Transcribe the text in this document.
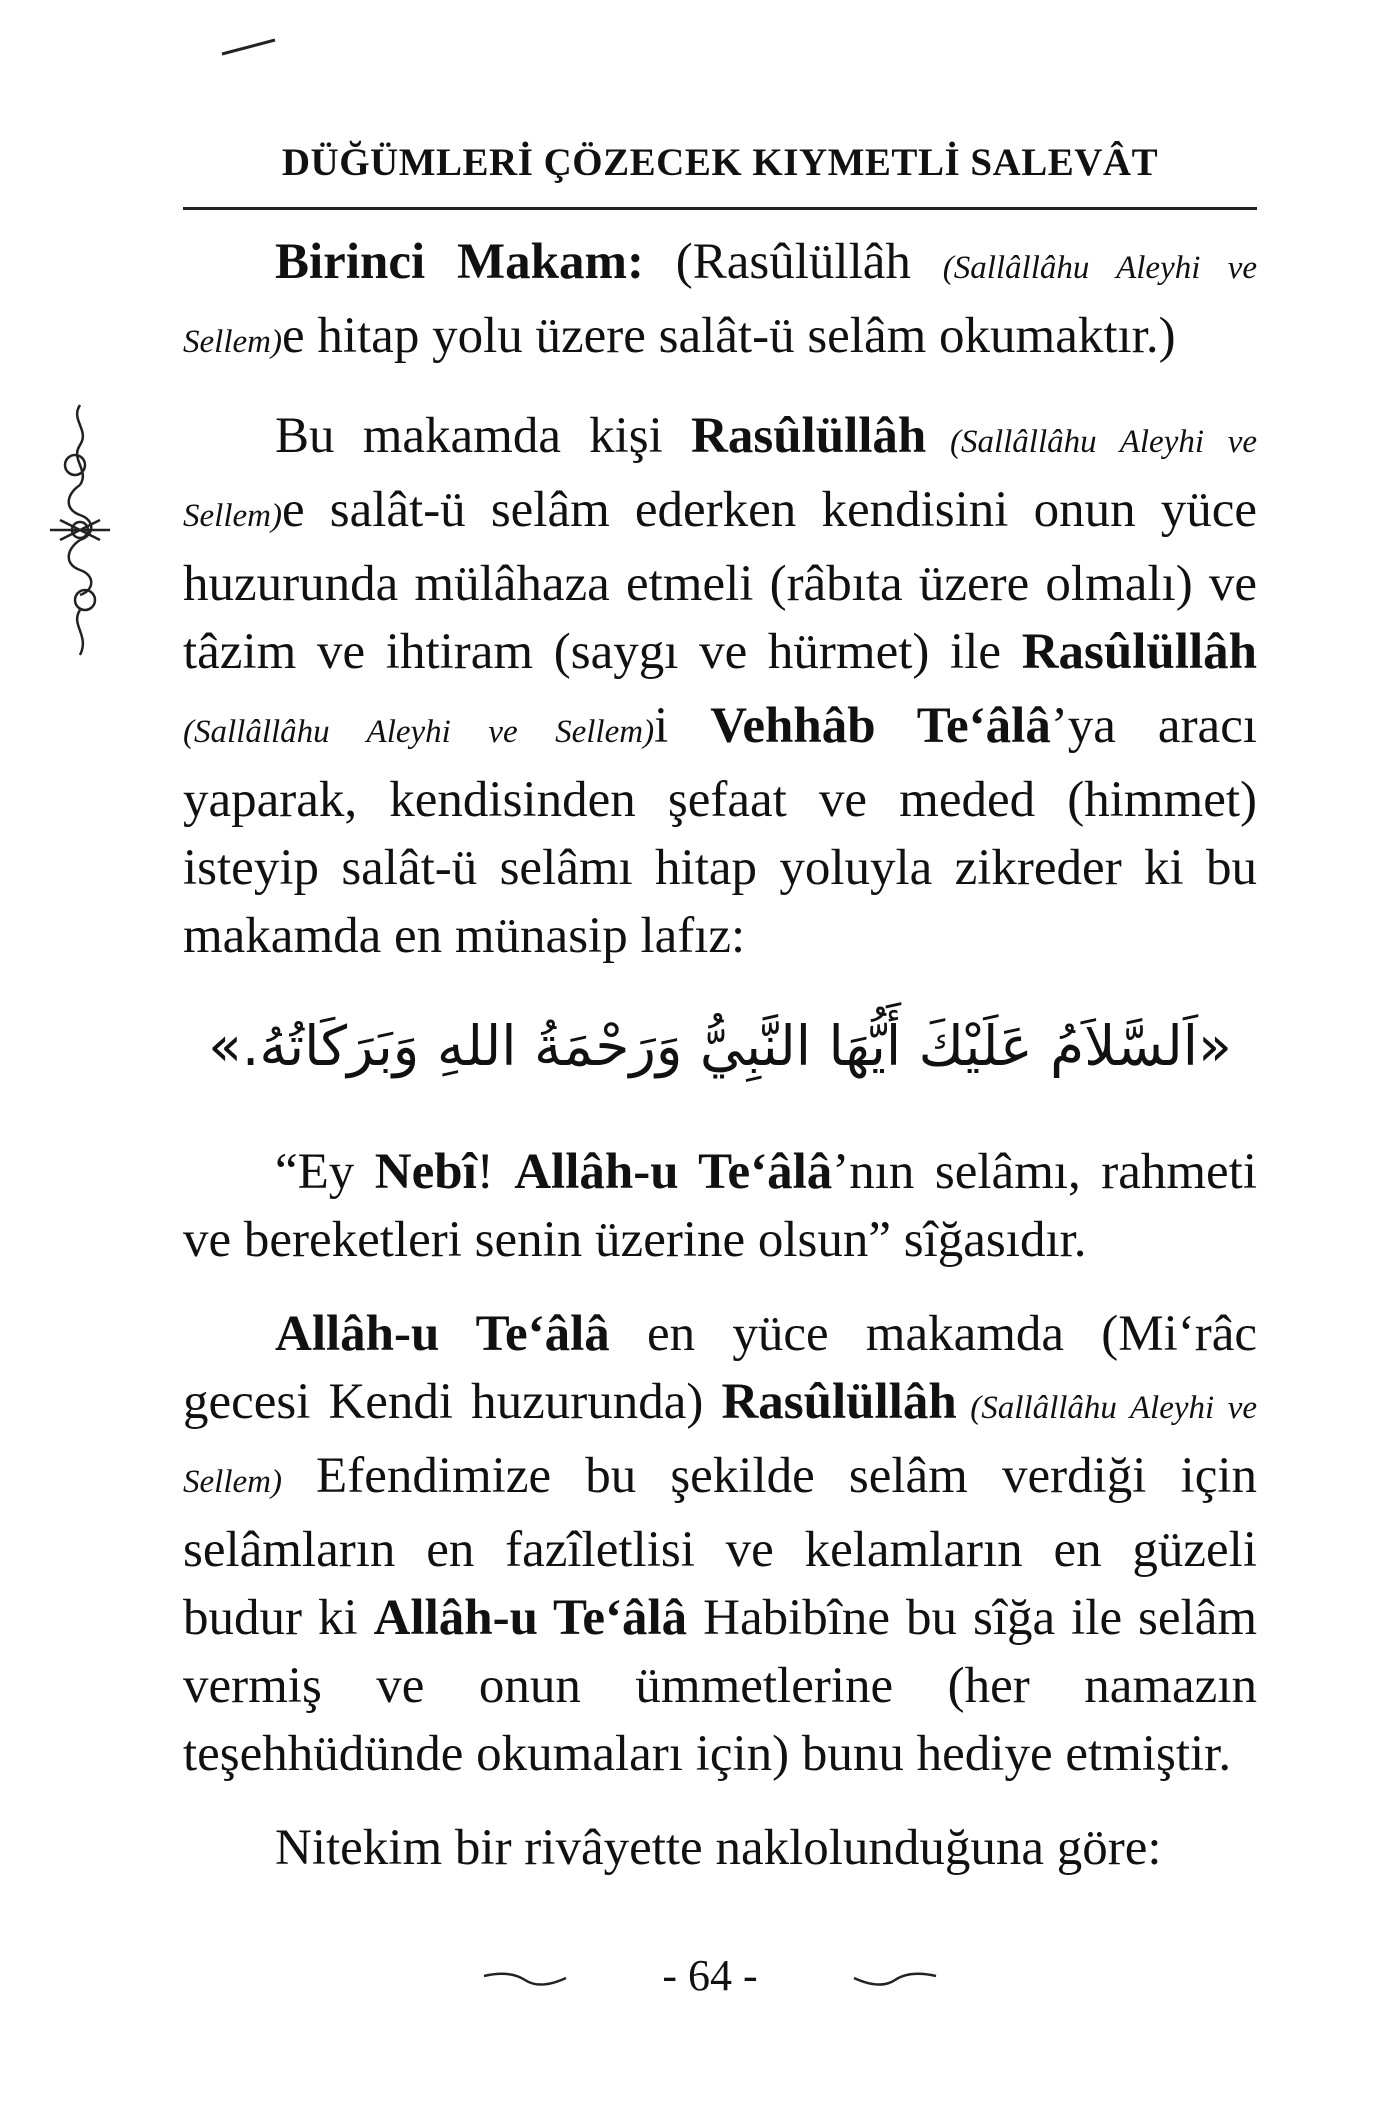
DÜĞÜMLERİ ÇÖZECEK KIYMETLİ SALEVÂT

Birinci Makam: (Rasûlüllâh (Sallâllâhu Aleyhi ve Sellem)e hitap yolu üzere salât-ü selâm okumaktır.)

Bu makamda kişi Rasûlüllâh (Sallâllâhu Aleyhi ve Sellem)e salât-ü selâm ederken kendisini onun yüce huzurunda mülâhaza etmeli (râbıta üzere olmalı) ve tâzim ve ihtiram (saygı ve hürmet) ile Rasûlüllâh (Sallâllâhu Aleyhi ve Sellem)i Vehhâb Te‘âlâ’ya aracı yaparak, kendisinden şefaat ve meded (himmet) isteyip salât-ü selâmı hitap yoluyla zikreder ki bu makamda en münasip lafız:

«اَلسَّلاَمُ عَلَيْكَ أَيُّهَا النَّبِيُّ وَرَحْمَةُ اللهِ وَبَرَكَاتُهُ.»

“Ey Nebî! Allâh-u Te‘âlâ’nın selâmı, rahmeti ve bereketleri senin üzerine olsun” sîğasıdır.

Allâh-u Te‘âlâ en yüce makamda (Mi‘râc gecesi Kendi huzurunda) Rasûlüllâh (Sallâllâhu Aleyhi ve Sellem) Efendimize bu şekilde selâm verdiği için selâmların en fazîletlisi ve kelamların en güzeli budur ki Allâh-u Te‘âlâ Habibîne bu sîğa ile selâm vermiş ve onun ümmetlerine (her namazın teşehhüdünde okumaları için) bunu hediye etmiştir.

Nitekim bir rivâyette naklolunduğuna göre:

- 64 -
